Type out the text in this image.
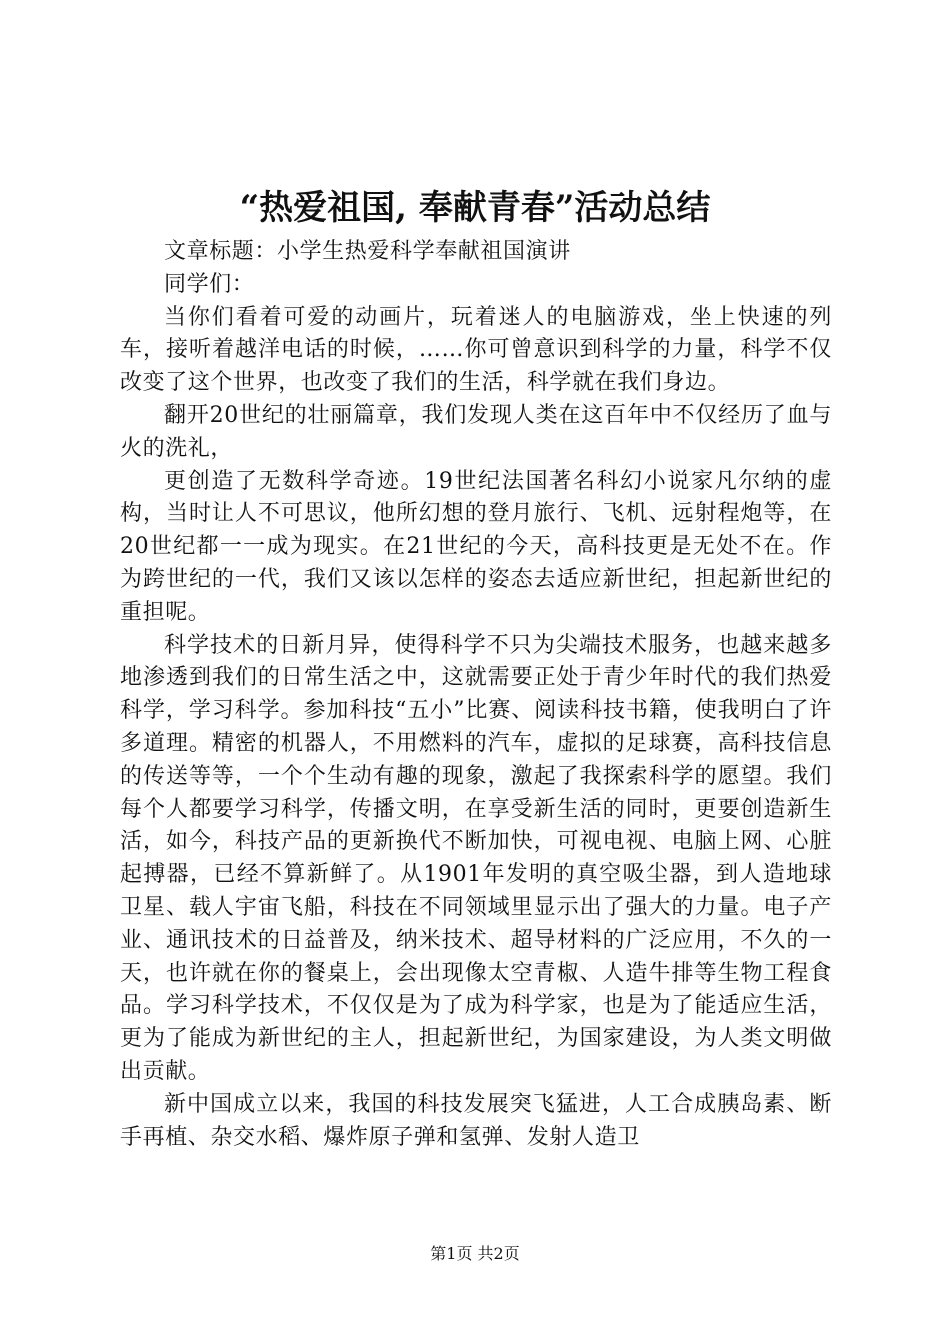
“热爱祖国, 奉献青春”活动总结

文章标题：小学生热爱科学奉献祖国演讲

同学们：

当你们看着可爱的动画片，玩着迷人的电脑游戏，坐上快速的列车，接听着越洋电话的时候，……你可曾意识到科学的力量，科学不仅改变了这个世界，也改变了我们的生活，科学就在我们身边。

翻开20世纪的壮丽篇章，我们发现人类在这百年中不仅经历了血与火的洗礼，

更创造了无数科学奇迹。19世纪法国著名科幻小说家凡尔纳的虚构，当时让人不可思议，他所幻想的登月旅行、飞机、远射程炮等，在20世纪都一一成为现实。在21世纪的今天，高科技更是无处不在。作为跨世纪的一代，我们又该以怎样的姿态去适应新世纪，担起新世纪的重担呢。

科学技术的日新月异，使得科学不只为尖端技术服务，也越来越多地渗透到我们的日常生活之中，这就需要正处于青少年时代的我们热爱科学，学习科学。参加科技“五小”比赛、阅读科技书籍，使我明白了许多道理。精密的机器人，不用燃料的汽车，虚拟的足球赛，高科技信息的传送等等，一个个生动有趣的现象，激起了我探索科学的愿望。我们每个人都要学习科学，传播文明，在享受新生活的同时，更要创造新生活，如今，科技产品的更新换代不断加快，可视电视、电脑上网、心脏起搏器，已经不算新鲜了。从1901年发明的真空吸尘器，到人造地球卫星、载人宇宙飞船，科技在不同领域里显示出了强大的力量。电子产业、通讯技术的日益普及，纳米技术、超导材料的广泛应用，不久的一天，也许就在你的餐桌上，会出现像太空青椒、人造牛排等生物工程食品。学习科学技术，不仅仅是为了成为科学家，也是为了能适应生活，更为了能成为新世纪的主人，担起新世纪，为国家建设，为人类文明做出贡献。

新中国成立以来，我国的科技发展突飞猛进，人工合成胰岛素、断手再植、杂交水稻、爆炸原子弹和氢弹、发射人造卫

第1页 共2页
